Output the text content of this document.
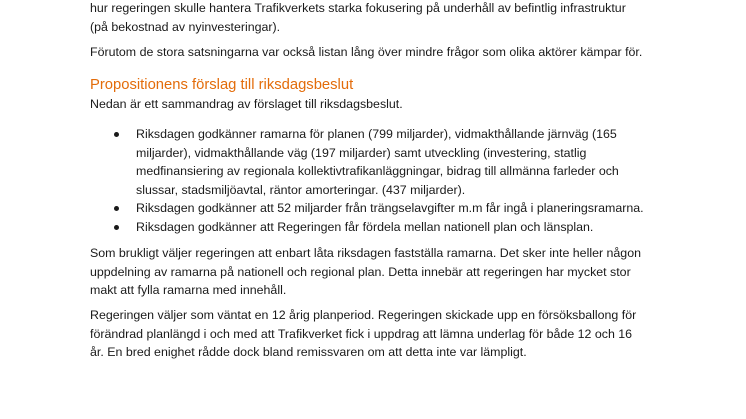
hur regeringen skulle hantera Trafikverkets starka fokusering på underhåll av befintlig infrastruktur
(på bekostnad av nyinvesteringar).

Förutom de stora satsningarna var också listan lång över mindre frågor som olika aktörer kämpar för.

Propositionens förslag till riksdagsbeslut

Nedan är ett sammandrag av förslaget till riksdagsbeslut.

Riksdagen godkänner ramarna för planen (799 miljarder), vidmakthållande järnväg (165
miljarder), vidmakthållande väg (197 miljarder) samt utveckling (investering, statlig
medfinansiering av regionala kollektivtrafikanläggningar, bidrag till allmänna farleder och
slussar, stadsmiljöavtal, räntor amorteringar. (437 miljarder).
Riksdagen godkänner att 52 miljarder från trängselavgifter m.m får ingå i planeringsramarna.
Riksdagen godkänner att Regeringen får fördela mellan nationell plan och länsplan.

Som brukligt väljer regeringen att enbart låta riksdagen fastställa ramarna. Det sker inte heller någon
uppdelning av ramarna på nationell och regional plan. Detta innebär att regeringen har mycket stor
makt att fylla ramarna med innehåll.

Regeringen väljer som väntat en 12 årig planperiod. Regeringen skickade upp en försöksballong för
förändrad planlängd i och med att Trafikverket fick i uppdrag att lämna underlag för både 12 och 16
år. En bred enighet rådde dock bland remissvaren om att detta inte var lämpligt.
